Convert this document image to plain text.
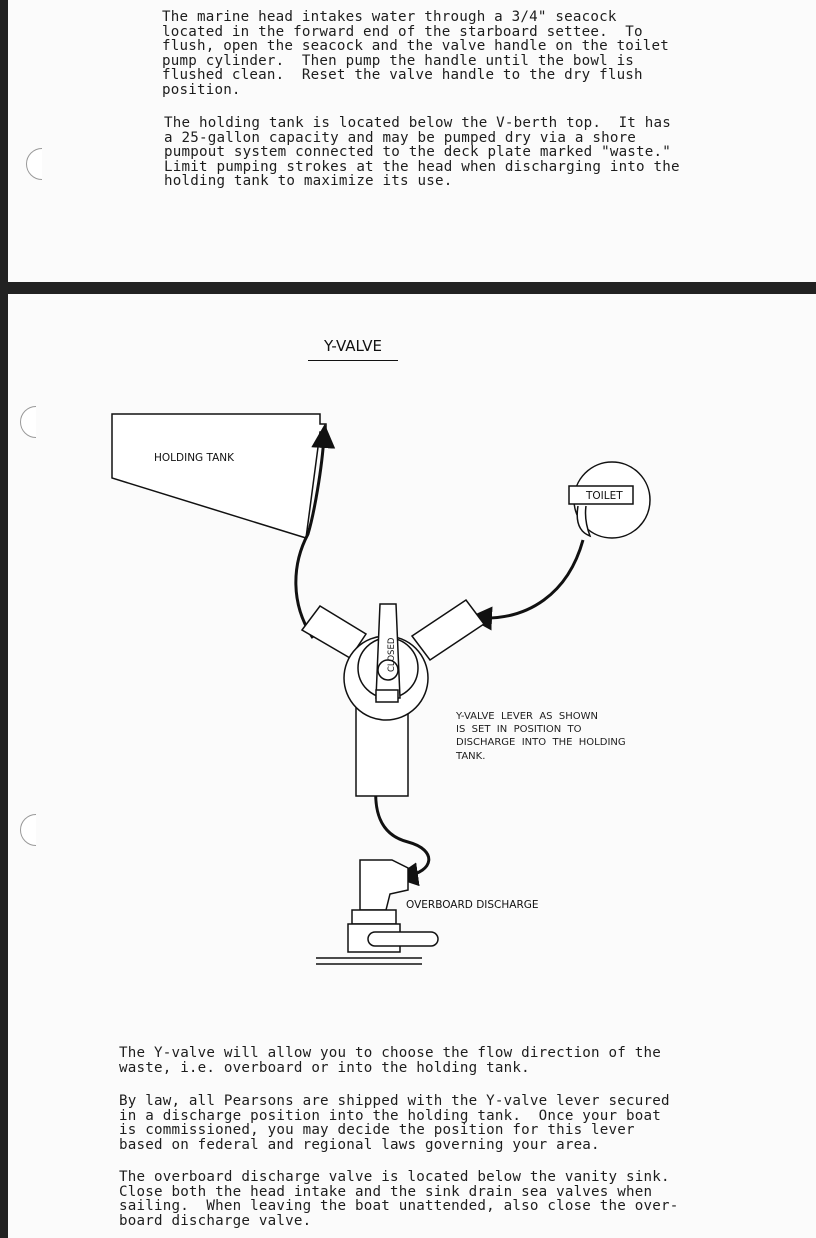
The marine head intakes water through a 3/4" seacock
located in the forward end of the starboard settee.  To
flush, open the seacock and the valve handle on the toilet
pump cylinder.  Then pump the handle until the bowl is
flushed clean.  Reset the valve handle to the dry flush
position.
The holding tank is located below the V-berth top.  It has
a 25-gallon capacity and may be pumped dry via a shore
pumpout system connected to the deck plate marked "waste."
Limit pumping strokes at the head when discharging into the
holding tank to maximize its use.
Y-VALVE
HOLDING TANK
TOILET
CLOSED
OVERBOARD DISCHARGE
Y-VALVE  LEVER  AS  SHOWN
IS  SET  IN  POSITION  TO
DISCHARGE  INTO  THE  HOLDING
TANK.
The Y-valve will allow you to choose the flow direction of the
waste, i.e. overboard or into the holding tank.
By law, all Pearsons are shipped with the Y-valve lever secured
in a discharge position into the holding tank.  Once your boat
is commissioned, you may decide the position for this lever
based on federal and regional laws governing your area.
The overboard discharge valve is located below the vanity sink.
Close both the head intake and the sink drain sea valves when
sailing.  When leaving the boat unattended, also close the over-
board discharge valve.
